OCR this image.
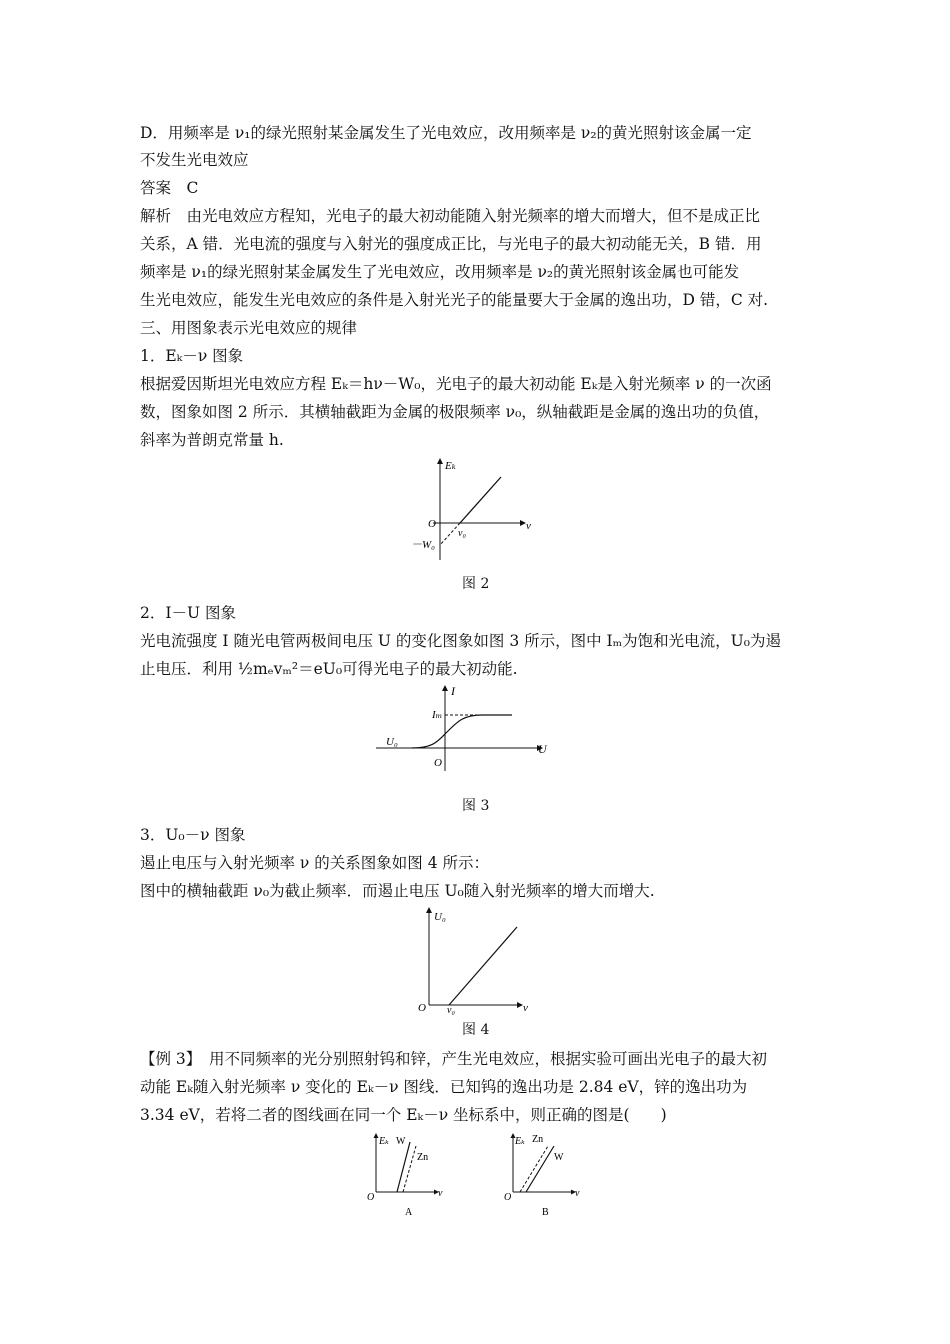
D．用频率是 ν₁的绿光照射某金属发生了光电效应，改用频率是 ν₂的黄光照射该金属一定
不发生光电效应
答案　C
解析　由光电效应方程知，光电子的最大初动能随入射光频率的增大而增大，但不是成正比
关系，A 错．光电流的强度与入射光的强度成正比，与光电子的最大初动能无关，B 错．用
频率是 ν₁的绿光照射某金属发生了光电效应，改用频率是 ν₂的黄光照射该金属也可能发
生光电效应，能发生光电效应的条件是入射光光子的能量要大于金属的逸出功，D 错，C 对.
三、用图象表示光电效应的规律
1．Eₖ－ν 图象
根据爱因斯坦光电效应方程 Eₖ＝hν－W₀，光电子的最大初动能 Eₖ是入射光频率 ν 的一次函
数，图象如图 2 所示．其横轴截距为金属的极限频率 ν₀，纵轴截距是金属的逸出功的负值，
斜率为普朗克常量 h.
Eₖ
ν
O
ν₀
－W₀
图 2
2．I－U 图象
光电流强度 I 随光电管两极间电压 U 的变化图象如图 3 所示，图中 Iₘ为饱和光电流，U₀为遏
止电压．利用 ½mₑvₘ²＝eU₀可得光电子的最大初动能.
I
U
O
Iₘ
U₀
图 3
3．U₀－ν 图象
遏止电压与入射光频率 ν 的关系图象如图 4 所示：
图中的横轴截距 ν₀为截止频率．而遏止电压 U₀随入射光频率的增大而增大.
U₀
ν
O ν₀
图 4
【例 3】　用不同频率的光分别照射钨和锌，产生光电效应，根据实验可画出光电子的最大初
动能 Eₖ随入射光频率 ν 变化的 Eₖ－ν 图线．已知钨的逸出功是 2.84 eV，锌的逸出功为
3.34 eV，若将二者的图线画在同一个 Eₖ－ν 坐标系中，则正确的图是(　　)
Eₖ
ν
O
W
Zn
A
Eₖ
ν
O
Zn
W
B
